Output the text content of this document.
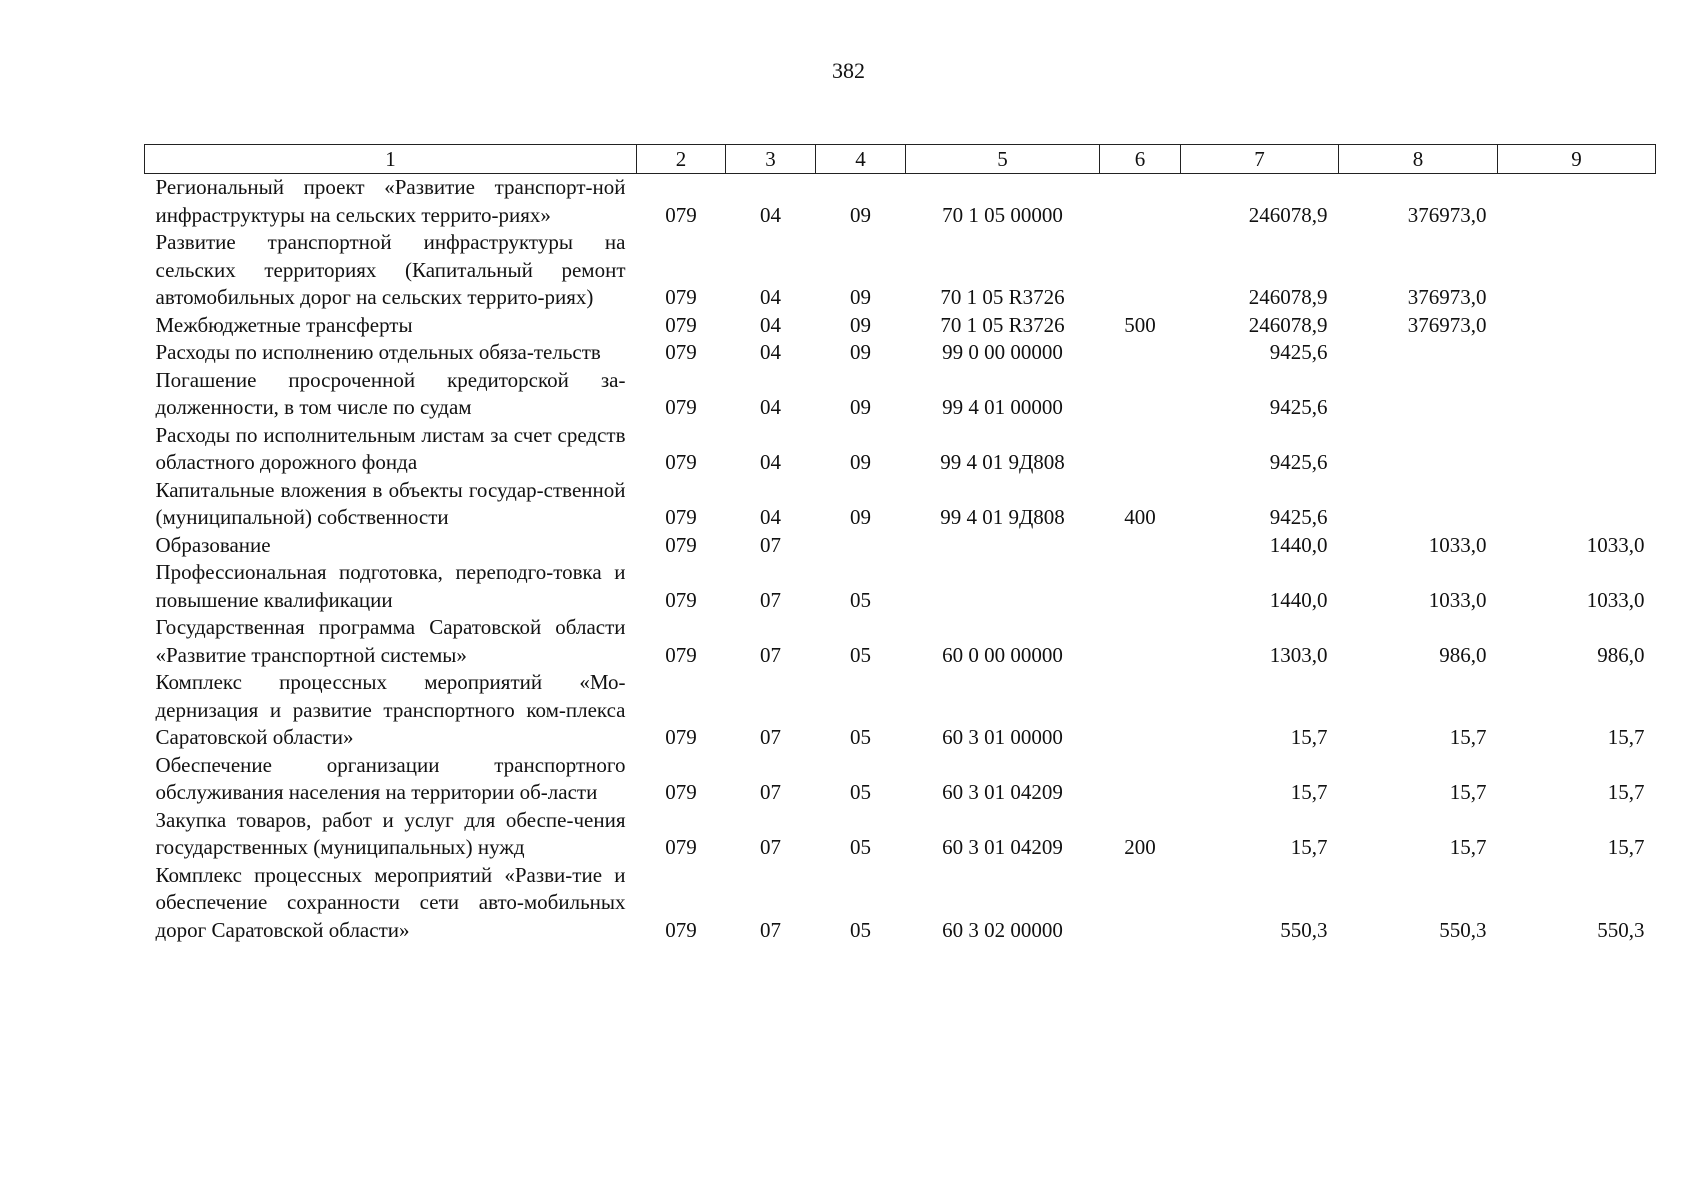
382
1	2	3	4	5	6	7	8	9
Региональный проект «Развитие транспорт-ной инфраструктуры на сельских террито-риях»	079	04	09	70 1 05 00000		246078,9	376973,0	
Развитие транспортной инфраструктуры на сельских территориях (Капитальный ремонт автомобильных дорог на сельских террито-риях)	079	04	09	70 1 05 R3726		246078,9	376973,0	
Межбюджетные трансферты	079	04	09	70 1 05 R3726	500	246078,9	376973,0	
Расходы по исполнению отдельных обяза-тельств	079	04	09	99 0 00 00000		9425,6		
Погашение просроченной кредиторской за-долженности, в том числе по судам	079	04	09	99 4 01 00000		9425,6		
Расходы по исполнительным листам за счет средств областного дорожного фонда	079	04	09	99 4 01 9Д808		9425,6		
Капитальные вложения в объекты государ-ственной (муниципальной) собственности	079	04	09	99 4 01 9Д808	400	9425,6		
Образование	079	07				1440,0	1033,0	1033,0
Профессиональная подготовка, переподго-товка и повышение квалификации	079	07	05			1440,0	1033,0	1033,0
Государственная программа Саратовской области «Развитие транспортной системы»	079	07	05	60 0 00 00000		1303,0	986,0	986,0
Комплекс процессных мероприятий «Мо-дернизация и развитие транспортного ком-плекса Саратовской области»	079	07	05	60 3 01 00000		15,7	15,7	15,7
Обеспечение организации транспортного обслуживания населения на территории об-ласти	079	07	05	60 3 01 04209		15,7	15,7	15,7
Закупка товаров, работ и услуг для обеспе-чения государственных (муниципальных) нужд	079	07	05	60 3 01 04209	200	15,7	15,7	15,7
Комплекс процессных мероприятий «Разви-тие и обеспечение сохранности сети авто-мобильных дорог Саратовской области»	079	07	05	60 3 02 00000		550,3	550,3	550,3
